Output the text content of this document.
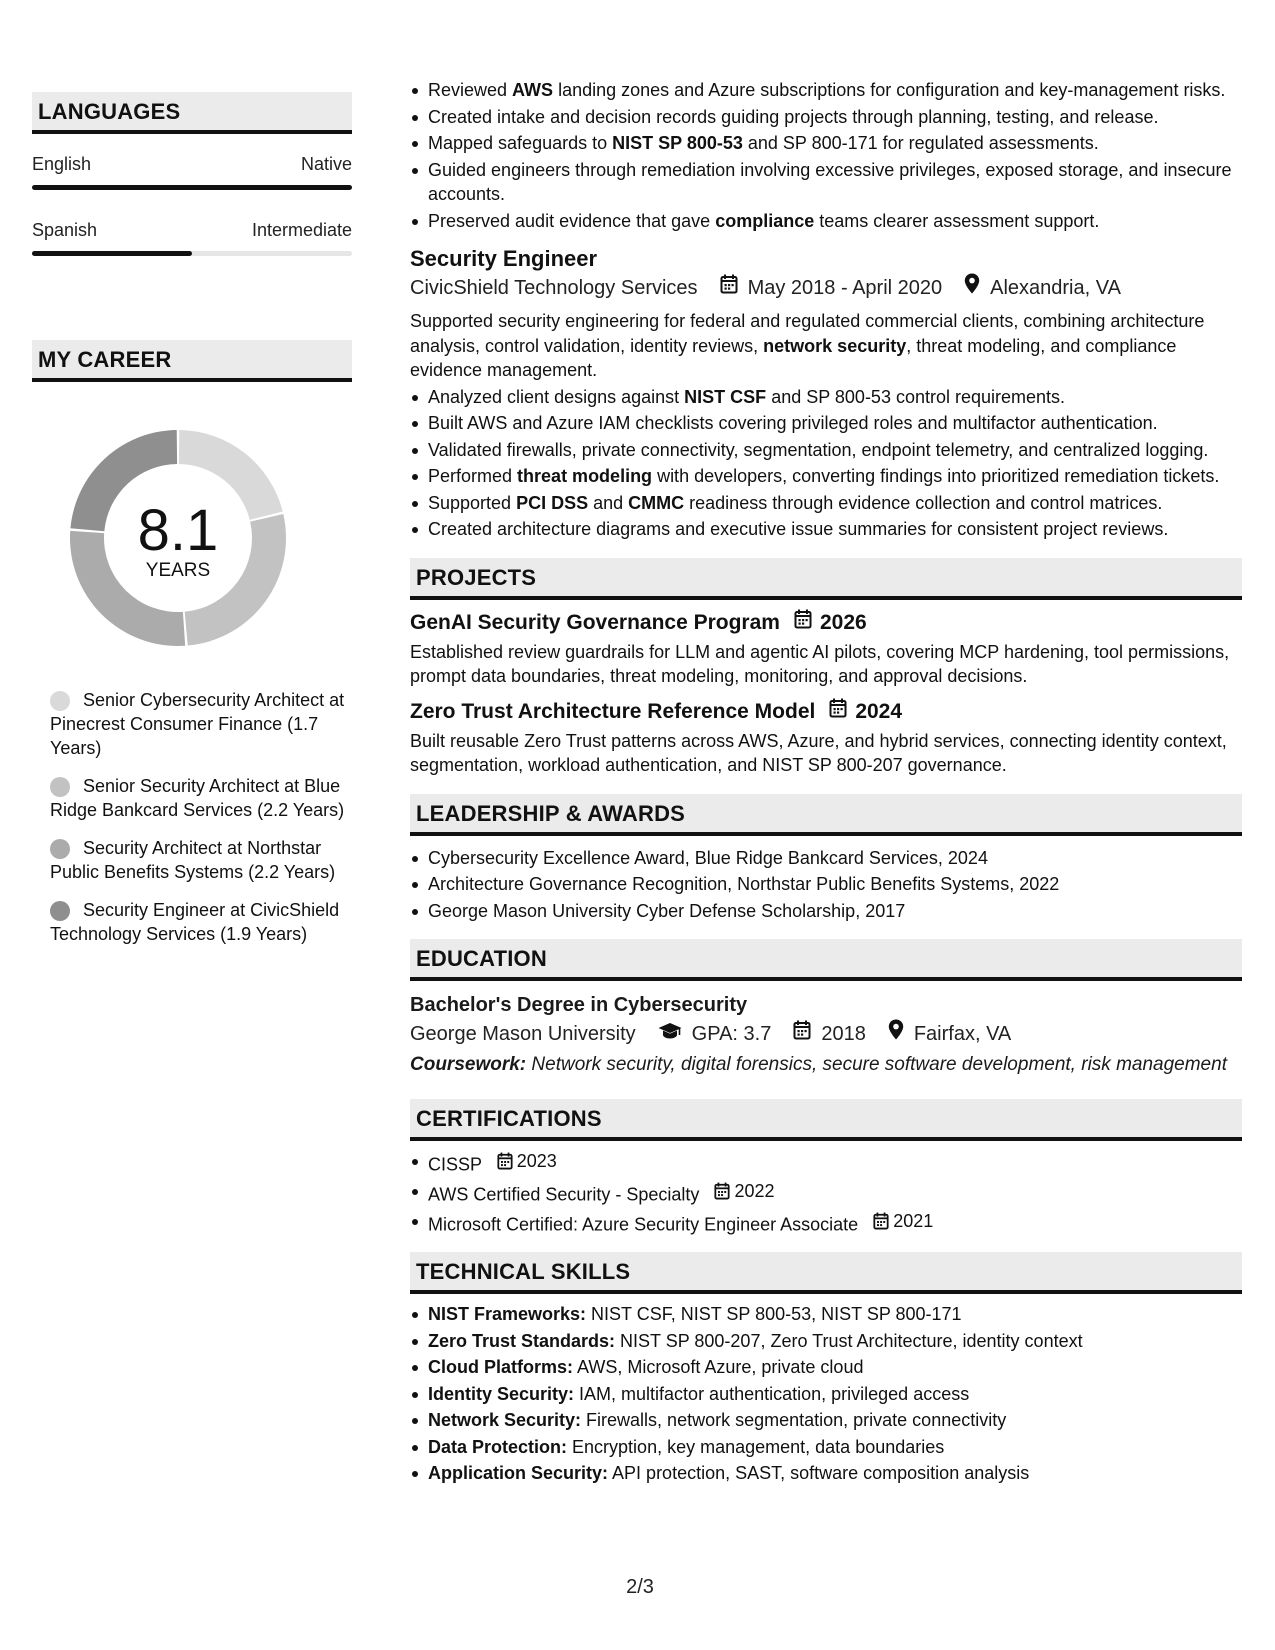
LANGUAGES
English	Native
Spanish	Intermediate
MY CAREER
8.1
YEARS
Senior Cybersecurity Architect at Pinecrest Consumer Finance (1.7 Years)
Senior Security Architect at Blue Ridge Bankcard Services (2.2 Years)
Security Architect at Northstar Public Benefits Systems (2.2 Years)
Security Engineer at CivicShield Technology Services (1.9 Years)
Reviewed AWS landing zones and Azure subscriptions for configuration and key-management risks.
Created intake and decision records guiding projects through planning, testing, and release.
Mapped safeguards to NIST SP 800-53 and SP 800-171 for regulated assessments.
Guided engineers through remediation involving excessive privileges, exposed storage, and insecure accounts.
Preserved audit evidence that gave compliance teams clearer assessment support.
Security Engineer
CivicShield Technology Services	May 2018 - April 2020 Alexandria, VA
Supported security engineering for federal and regulated commercial clients, combining architecture analysis, control validation, identity reviews, network security, threat modeling, and compliance evidence management.
Analyzed client designs against NIST CSF and SP 800-53 control requirements.
Built AWS and Azure IAM checklists covering privileged roles and multifactor authentication.
Validated firewalls, private connectivity, segmentation, endpoint telemetry, and centralized logging.
Performed threat modeling with developers, converting findings into prioritized remediation tickets.
Supported PCI DSS and CMMC readiness through evidence collection and control matrices.
Created architecture diagrams and executive issue summaries for consistent project reviews.
PROJECTS
GenAI Security Governance Program 2026
Established review guardrails for LLM and agentic AI pilots, covering MCP hardening, tool permissions, prompt data boundaries, threat modeling, monitoring, and approval decisions.
Zero Trust Architecture Reference Model 2024
Built reusable Zero Trust patterns across AWS, Azure, and hybrid services, connecting identity context, segmentation, workload authentication, and NIST SP 800-207 governance.
LEADERSHIP & AWARDS
Cybersecurity Excellence Award, Blue Ridge Bankcard Services, 2024
Architecture Governance Recognition, Northstar Public Benefits Systems, 2022
George Mason University Cyber Defense Scholarship, 2017
EDUCATION
Bachelor's Degree in Cybersecurity
George Mason University	GPA: 3.7	2018 Fairfax, VA
Coursework: Network security, digital forensics, secure software development, risk management
CERTIFICATIONS
CISSP 2023
AWS Certified Security - Specialty 2022
Microsoft Certified: Azure Security Engineer Associate 2021
TECHNICAL SKILLS
NIST Frameworks: NIST CSF, NIST SP 800-53, NIST SP 800-171
Zero Trust Standards: NIST SP 800-207, Zero Trust Architecture, identity context
Cloud Platforms: AWS, Microsoft Azure, private cloud
Identity Security: IAM, multifactor authentication, privileged access
Network Security: Firewalls, network segmentation, private connectivity
Data Protection: Encryption, key management, data boundaries
Application Security: API protection, SAST, software composition analysis
2/3
